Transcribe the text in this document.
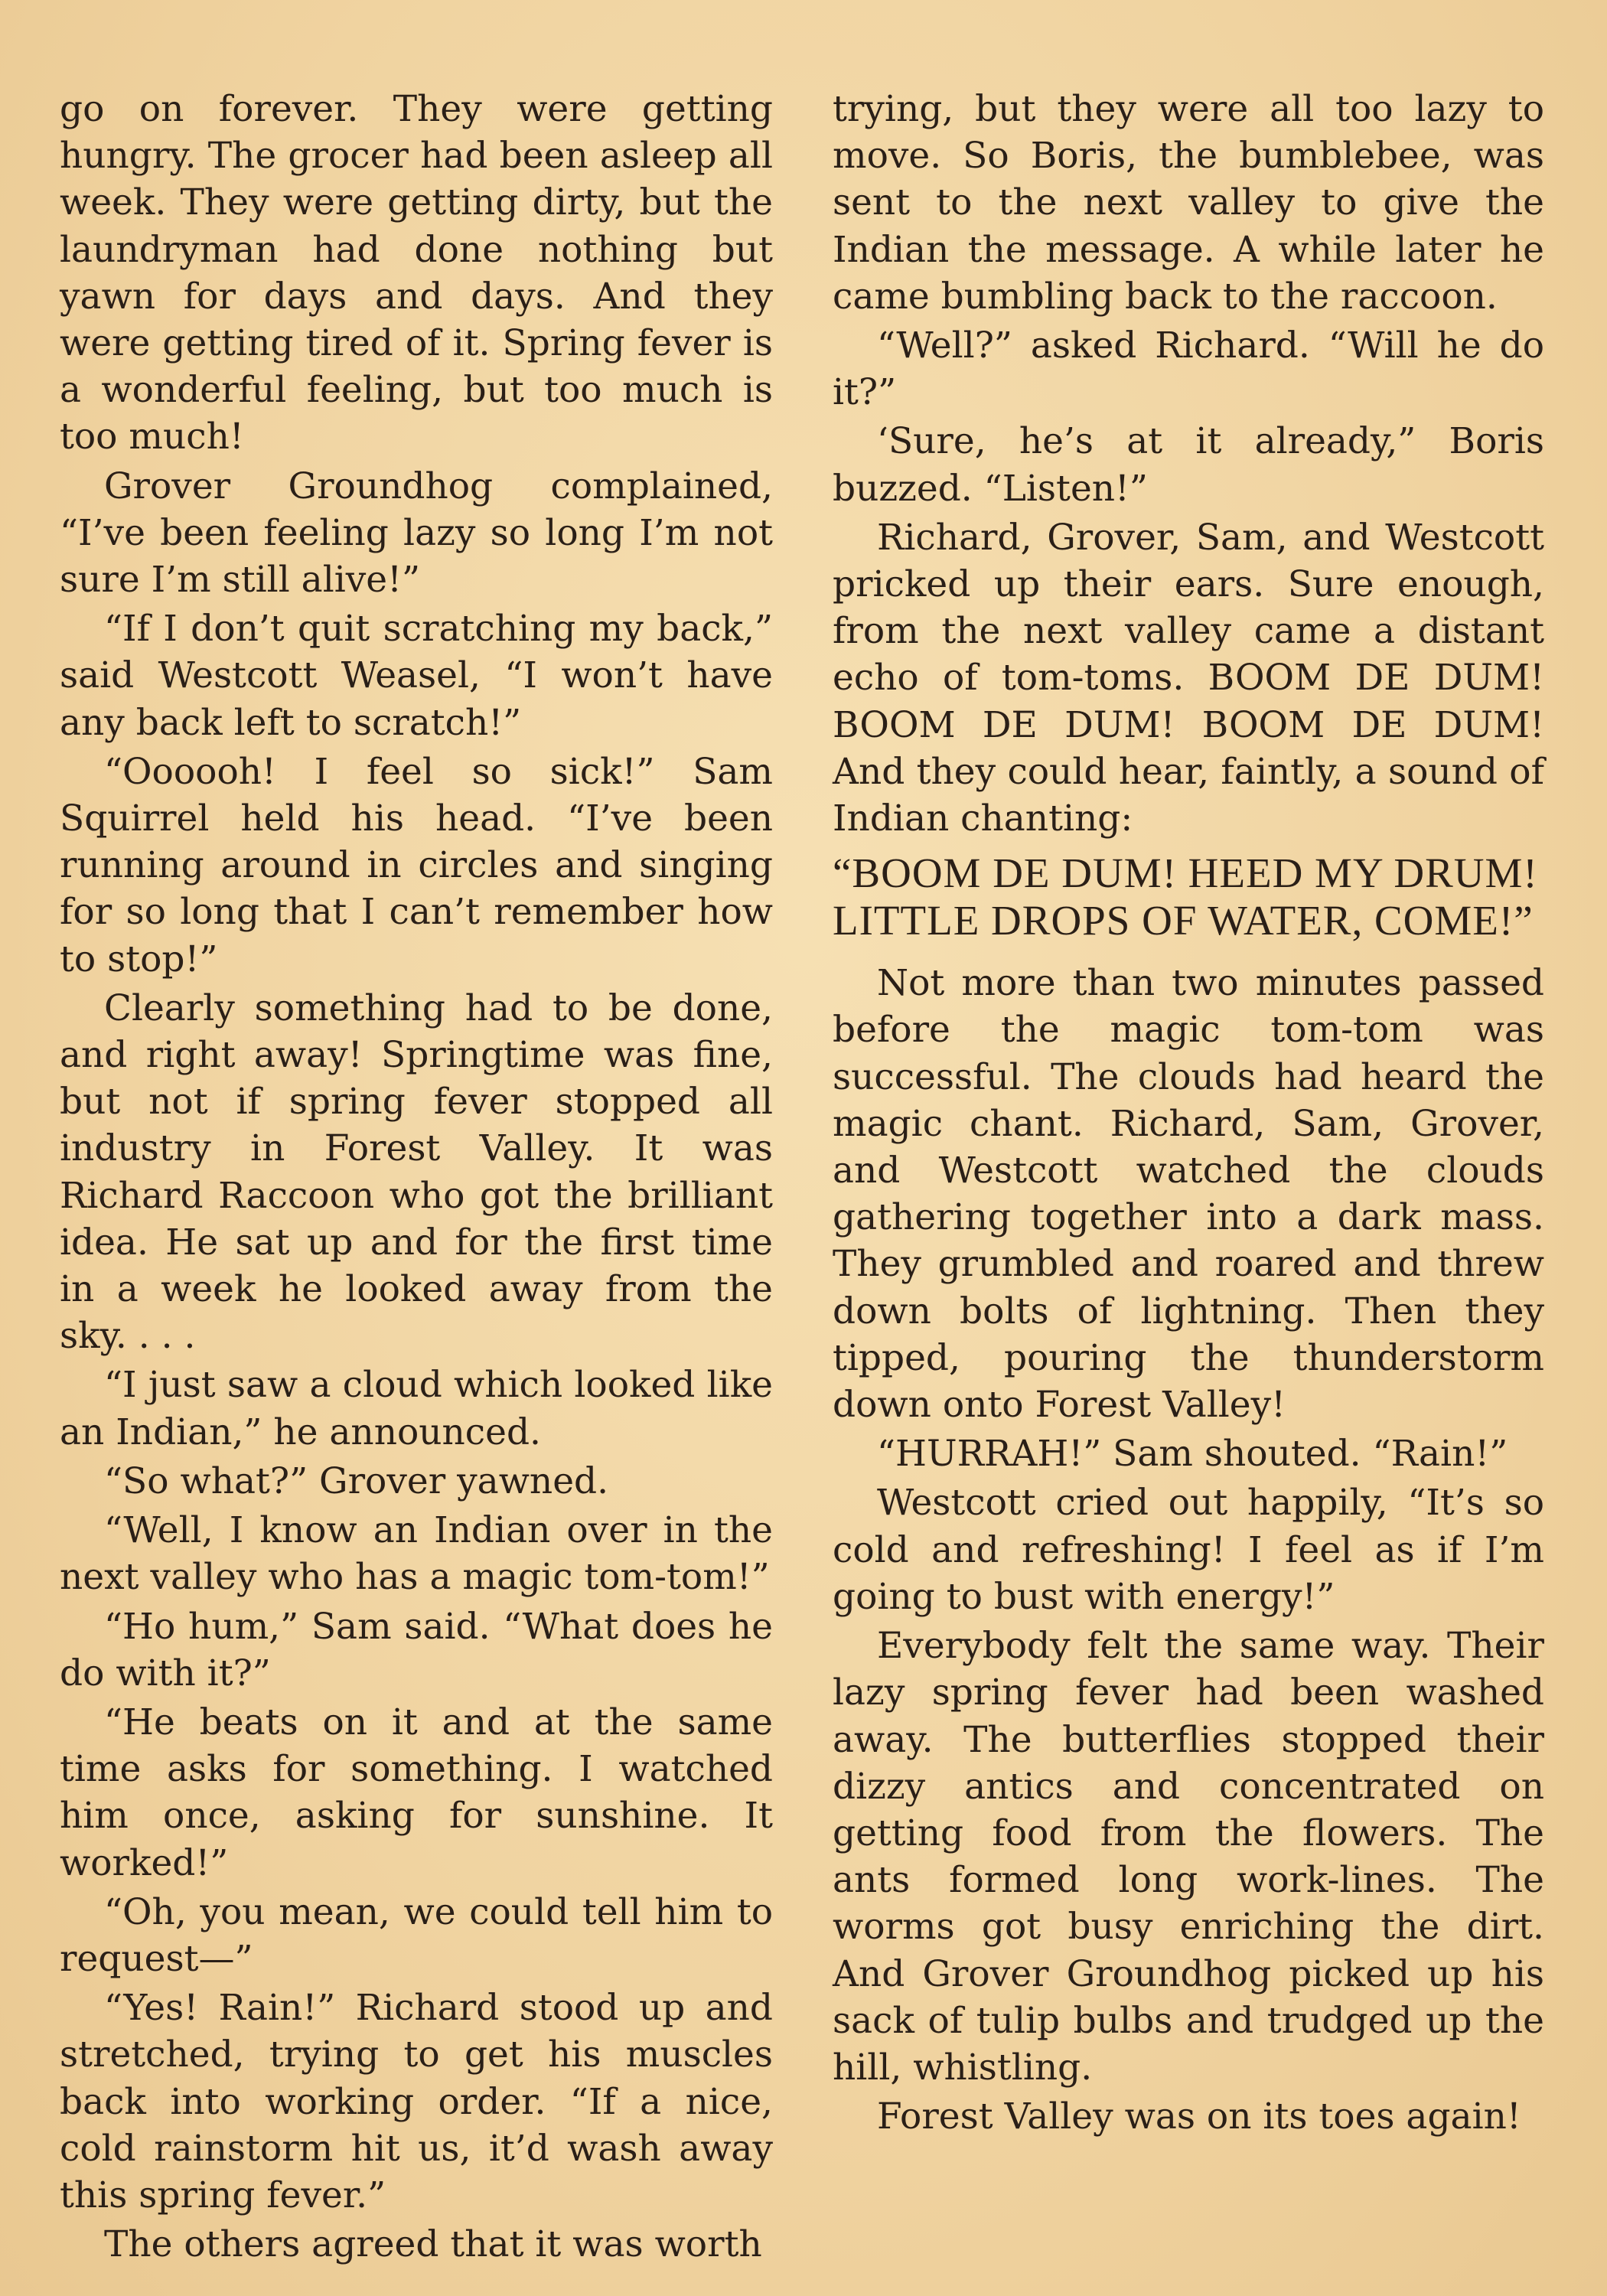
go on forever. They were getting hungry. The grocer had been asleep all week. They were getting dirty, but the laundryman had done nothing but yawn for days and days. And they were getting tired of it. Spring fever is a wonderful feeling, but too much is too much!

Grover Groundhog complained, “I’ve been feeling lazy so long I’m not sure I’m still alive!”

“If I don’t quit scratching my back,” said Westcott Weasel, “I won’t have any back left to scratch!”

“Oooooh! I feel so sick!” Sam Squirrel held his head. “I’ve been running around in circles and singing for so long that I can’t remember how to stop!”

Clearly something had to be done, and right away! Springtime was fine, but not if spring fever stopped all industry in Forest Valley. It was Richard Raccoon who got the brilliant idea. He sat up and for the first time in a week he looked away from the sky. . . .

“I just saw a cloud which looked like an Indian,” he announced.

“So what?” Grover yawned.

“Well, I know an Indian over in the next valley who has a magic tom-tom!”

“Ho hum,” Sam said. “What does he do with it?”

“He beats on it and at the same time asks for something. I watched him once, asking for sunshine. It worked!”

“Oh, you mean, we could tell him to request—”

“Yes! Rain!” Richard stood up and stretched, trying to get his muscles back into working order. “If a nice, cold rainstorm hit us, it’d wash away this spring fever.”

The others agreed that it was worth

trying, but they were all too lazy to move. So Boris, the bumblebee, was sent to the next valley to give the Indian the message. A while later he came bumbling back to the raccoon.

“Well?” asked Richard. “Will he do it?”

‘Sure, he’s at it already,” Boris buzzed. “Listen!”

Richard, Grover, Sam, and Westcott pricked up their ears. Sure enough, from the next valley came a distant echo of tom-toms. BOOM DE DUM! BOOM DE DUM! BOOM DE DUM! And they could hear, faintly, a sound of Indian chanting:

“BOOM DE DUM! HEED MY DRUM! LITTLE DROPS OF WATER, COME!”

Not more than two minutes passed before the magic tom-tom was successful. The clouds had heard the magic chant. Richard, Sam, Grover, and Westcott watched the clouds gathering together into a dark mass. They grumbled and roared and threw down bolts of lightning. Then they tipped, pouring the thunderstorm down onto Forest Valley!

“HURRAH!” Sam shouted. “Rain!”

Westcott cried out happily, “It’s so cold and refreshing! I feel as if I’m going to bust with energy!”

Everybody felt the same way. Their lazy spring fever had been washed away. The butterflies stopped their dizzy antics and concentrated on getting food from the flowers. The ants formed long work-lines. The worms got busy enriching the dirt. And Grover Groundhog picked up his sack of tulip bulbs and trudged up the hill, whistling.

Forest Valley was on its toes again!
